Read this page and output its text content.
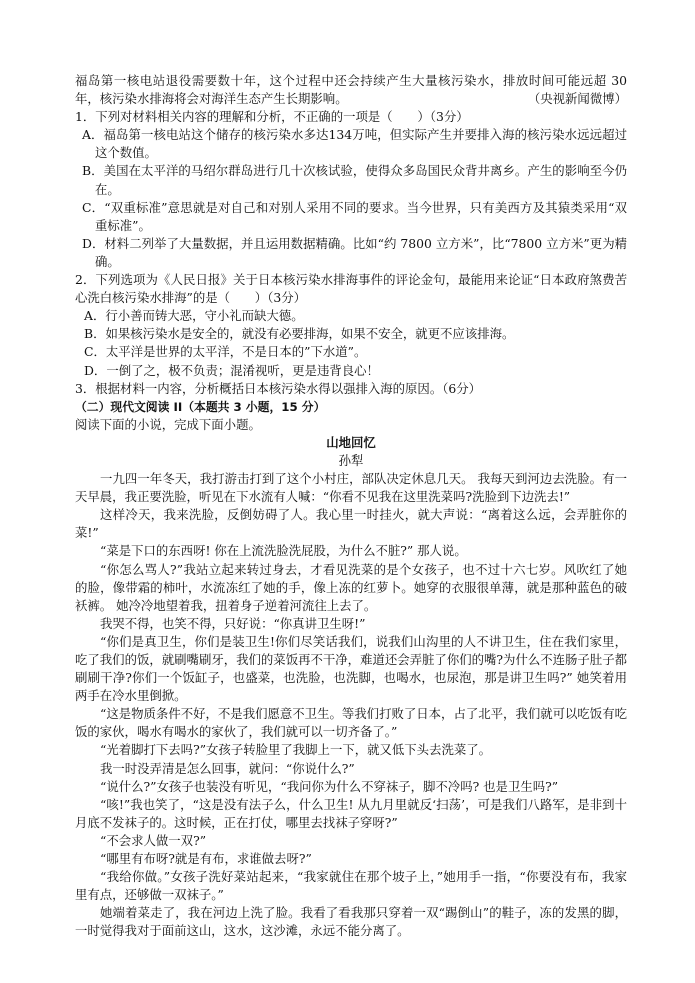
福岛第一核电站退役需要数十年，这个过程中还会持续产生大量核污染水，排放时间可能远超 30 年，核污染水排海将会对海洋生态产生长期影响。	（央视新闻微博）

1．下列对材料相关内容的理解和分析，不正确的一项是（　　）（3分）

A．福岛第一核电站这个储存的核污染水多达134万吨，但实际产生并要排入海的核污染水远远超过这个数值。

B．美国在太平洋的马绍尔群岛进行几十次核试验，使得众多岛国民众背井离乡。产生的影响至今仍在。

C．“双重标准”意思就是对自己和对别人采用不同的要求。当今世界，只有美西方及其猿类采用“双重标准”。

D．材料二列举了大量数据，并且运用数据精确。比如“约 7800 立方米”，比“7800 立方米”更为精确。

2．下列选项为《人民日报》关于日本核污染水排海事件的评论金句，最能用来论证“日本政府煞费苦心洗白核污染水排海”的是（　　）（3分）

A．行小善而铸大恶，守小礼而缺大德。

B．如果核污染水是安全的，就没有必要排海，如果不安全，就更不应该排海。

C．太平洋是世界的太平洋，不是日本的”下水道”。

D．一倒了之，极不负责；混淆视听，更是违背良心！

3．根据材料一内容，分析概括日本核污染水得以强排入海的原因。（6分）

（二）现代文阅读 II（本题共 3 小题，15 分）

阅读下面的小说，完成下面小题。

山地回忆

孙犁

一九四一年冬天，我打游击打到了这个小村庄，部队决定休息几天。 我每天到河边去洗脸。有一天早晨，我正要洗脸，听见在下水流有人喊：“你看不见我在这里洗菜吗?洗脸到下边洗去!”

这样冷天，我来洗脸，反倒妨碍了人。我心里一时挂火，就大声说：“离着这么远，会弄脏你的菜!”

“菜是下口的东西呀! 你在上流洗脸洗屁股，为什么不脏?” 那人说。

“你怎么骂人?”我站立起来转过身去，才看见洗菜的是个女孩子，也不过十六七岁。风吹红了她的脸，像带霜的柿叶，水流冻红了她的手，像上冻的红萝卜。她穿的衣服很单薄，就是那种蓝色的破袄裤。 她冷冷地望着我，扭着身子逆着河流往上去了。

我哭不得，也笑不得，只好说：“你真讲卫生呀!”

“你们是真卫生，你们是装卫生!你们尽笑话我们，说我们山沟里的人不讲卫生，住在我们家里，吃了我们的饭，就刷嘴刷牙，我们的菜饭再不干净，难道还会弄脏了你们的嘴?为什么不连肠子肚子都刷刷干净?你们一个饭缸子，也盛菜，也洗脸，也洗脚，也喝水，也尿泡，那是讲卫生吗?” 她笑着用两手在冷水里倒掀。

“这是物质条件不好，不是我们愿意不卫生。等我们打败了日本，占了北平，我们就可以吃饭有吃饭的家伙，喝水有喝水的家伙了，我们就可以一切齐备了。”

“光着脚打下去吗?”女孩子转脸里了我脚上一下，就又低下头去洗菜了。

我一时没弄清是怎么回事，就问：“你说什么?”

“说什么?”女孩子也装没有听见，“我问你为什么不穿袜子，脚不冷吗? 也是卫生吗?”

“咳!”我也笑了，“这是没有法子么，什么卫生! 从九月里就反‘扫荡’，可是我们八路军，是非到十月底不发袜子的。这时候，正在打仗，哪里去找袜子穿呀?”

“不会求人做一双?”

“哪里有布呀?就是有布，求谁做去呀?”

“我给你做。”女孩子洗好菜站起来，“我家就住在那个坡子上，”她用手一指，“你要没有布，我家里有点，还够做一双袜子。”

她端着菜走了，我在河边上洗了脸。我看了看我那只穿着一双“踢倒山”的鞋子，冻的发黑的脚，一时觉得我对于面前这山，这水，这沙滩，永远不能分离了。
